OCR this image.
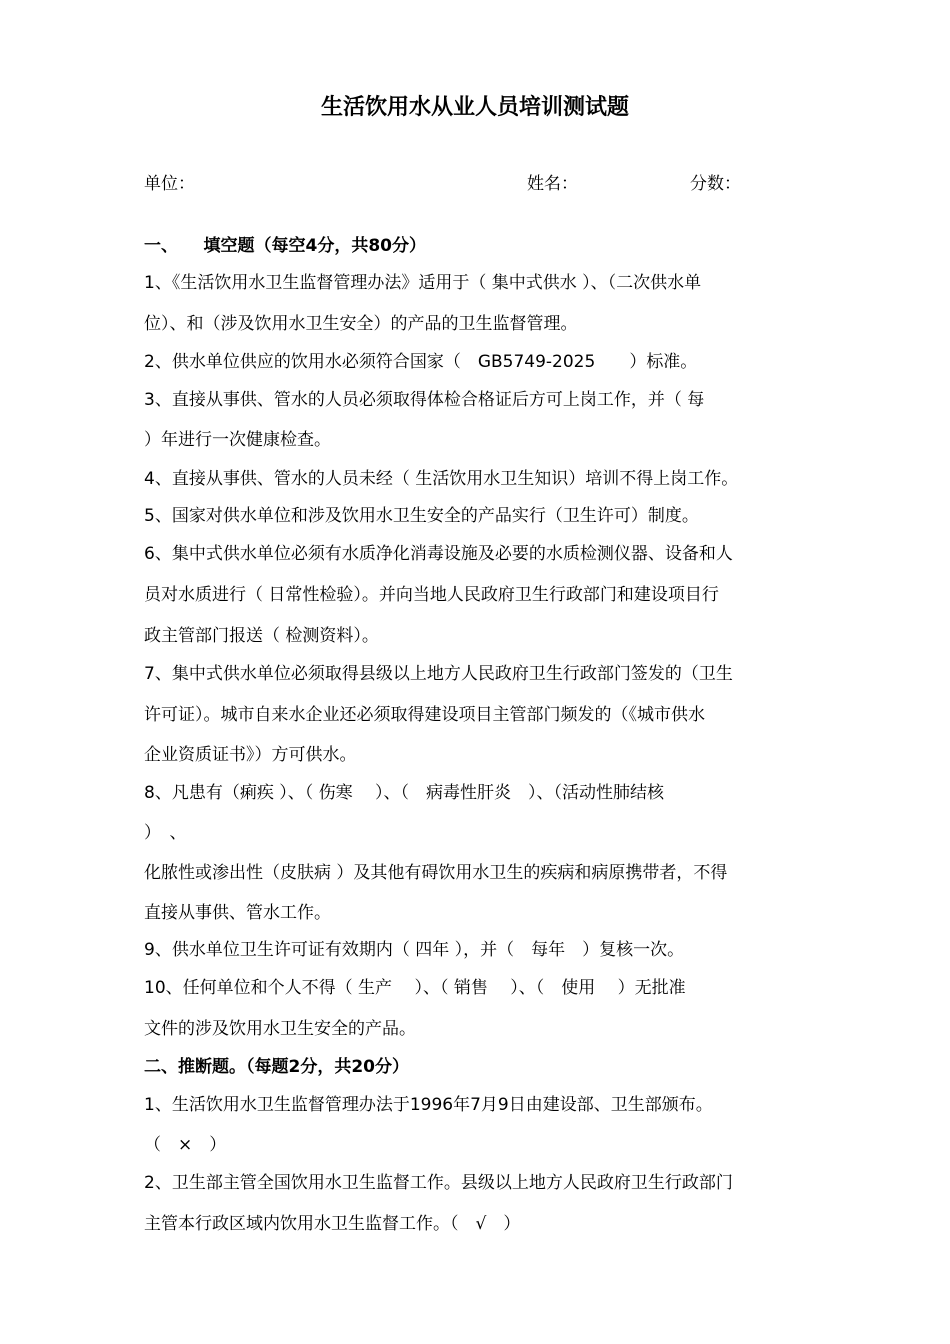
生活饮用水从业人员培训测试题
单位：	姓名：	分数：
一、　　填空题（每空4分，共80分）
1、《生活饮用水卫生监督管理办法》适用于（ 集中式供水 ）、（二次供水单
位）、和（涉及饮用水卫生安全）的产品的卫生监督管理。
2、供水单位供应的饮用水必须符合国家（　GB5749-2025　　）标准。
3、直接从事供、管水的人员必须取得体检合格证后方可上岗工作，并（ 每
）年进行一次健康检查。
4、直接从事供、管水的人员未经（ 生活饮用水卫生知识）培训不得上岗工作。
5、国家对供水单位和涉及饮用水卫生安全的产品实行（卫生许可）制度。
6、集中式供水单位必须有水质净化消毒设施及必要的水质检测仪器、设备和人
员对水质进行（ 日常性检验）。并向当地人民政府卫生行政部门和建设项目行
政主管部门报送（ 检测资料）。
7、集中式供水单位必须取得县级以上地方人民政府卫生行政部门签发的（卫生
许可证）。城市自来水企业还必须取得建设项目主管部门频发的（《城市供水
企业资质证书》）方可供水。
8、凡患有（痢疾 ）、（ 伤寒　 ）、（　病毒性肝炎　）、（活动性肺结核
）　、
化脓性或渗出性（皮肤病 ）及其他有碍饮用水卫生的疾病和病原携带者，不得
直接从事供、管水工作。
9、供水单位卫生许可证有效期内（ 四年 ），并（　每年　）复核一次。
10、任何单位和个人不得（ 生产　 ）、（ 销售　 ）、（　使用　 ）无批准
文件的涉及饮用水卫生安全的产品。
二、推断题。（每题2分，共20分）
1、生活饮用水卫生监督管理办法于1996年7月9日由建设部、卫生部颁布。
（　×　）
2、卫生部主管全国饮用水卫生监督工作。县级以上地方人民政府卫生行政部门
主管本行政区域内饮用水卫生监督工作。（　√　）
